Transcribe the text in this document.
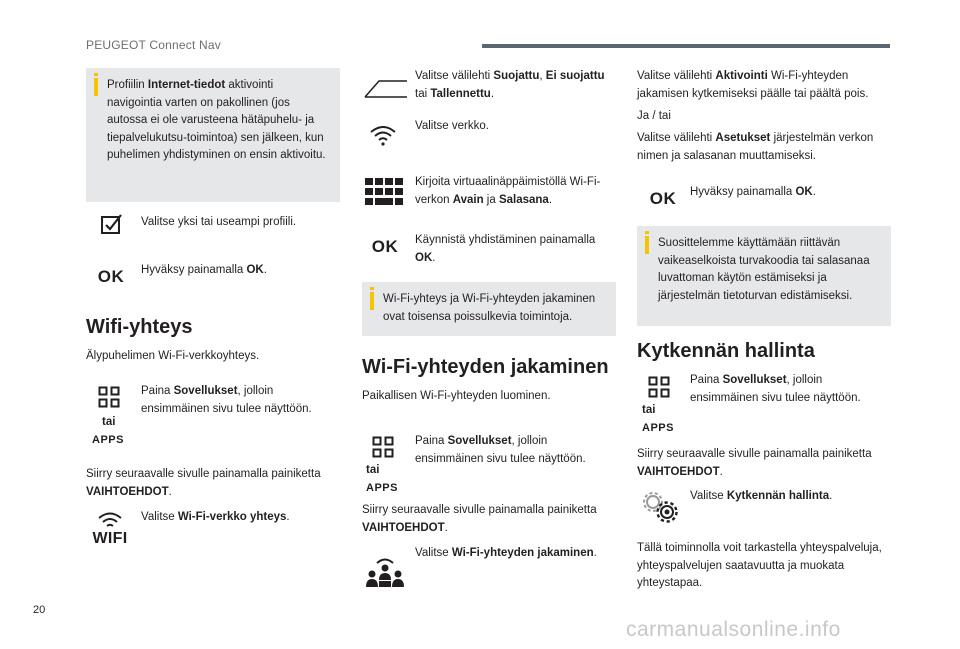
PEUGEOT Connect Nav
Profiilin Internet-tiedot aktivointi navigointia varten on pakollinen (jos autossa ei ole varusteena hätäpuhelu- ja tiepalvelukutsu-toimintoa) sen jälkeen, kun puhelimen yhdistyminen on ensin aktivoitu.
Valitse yksi tai useampi profiili.
OK	Hyväksy painamalla OK.
Wifi-yhteys
Älypuhelimen Wi-Fi-verkkoyhteys.
tai
APPS
Paina Sovellukset, jolloin ensimmäinen sivu tulee näyttöön.
Siirry seuraavalle sivulle painamalla painiketta VAIHTOEHDOT.
WIFI
Valitse Wi-Fi-verkko yhteys.
Valitse välilehti Suojattu, Ei suojattu tai Tallennettu.
Valitse verkko.
Kirjoita virtuaalinäppäimistöllä Wi-Fi-verkon Avain ja Salasana.
OK	Käynnistä yhdistäminen painamalla OK.
Wi-Fi-yhteys ja Wi-Fi-yhteyden jakaminen ovat toisensa poissulkevia toimintoja.
Wi-Fi-yhteyden jakaminen
Paikallisen Wi-Fi-yhteyden luominen.
tai
APPS
Paina Sovellukset, jolloin ensimmäinen sivu tulee näyttöön.
Siirry seuraavalle sivulle painamalla painiketta VAIHTOEHDOT.
Valitse Wi-Fi-yhteyden jakaminen.
Valitse välilehti Aktivointi Wi-Fi-yhteyden jakamisen kytkemiseksi päälle tai päältä pois.
Ja / tai
Valitse välilehti Asetukset järjestelmän verkon nimen ja salasanan muuttamiseksi.
OK	Hyväksy painamalla OK.
Suosittelemme käyttämään riittävän vaikeaselkoista turvakoodia tai salasanaa luvattoman käytön estämiseksi ja järjestelmän tietoturvan edistämiseksi.
Kytkennän hallinta
tai
APPS
Paina Sovellukset, jolloin ensimmäinen sivu tulee näyttöön.
Siirry seuraavalle sivulle painamalla painiketta VAIHTOEHDOT.
Valitse Kytkennän hallinta.
Tällä toiminnolla voit tarkastella yhteyspalveluja, yhteyspalvelujen saatavuutta ja muokata yhteystapaa.
20
carmanualsonline.info
